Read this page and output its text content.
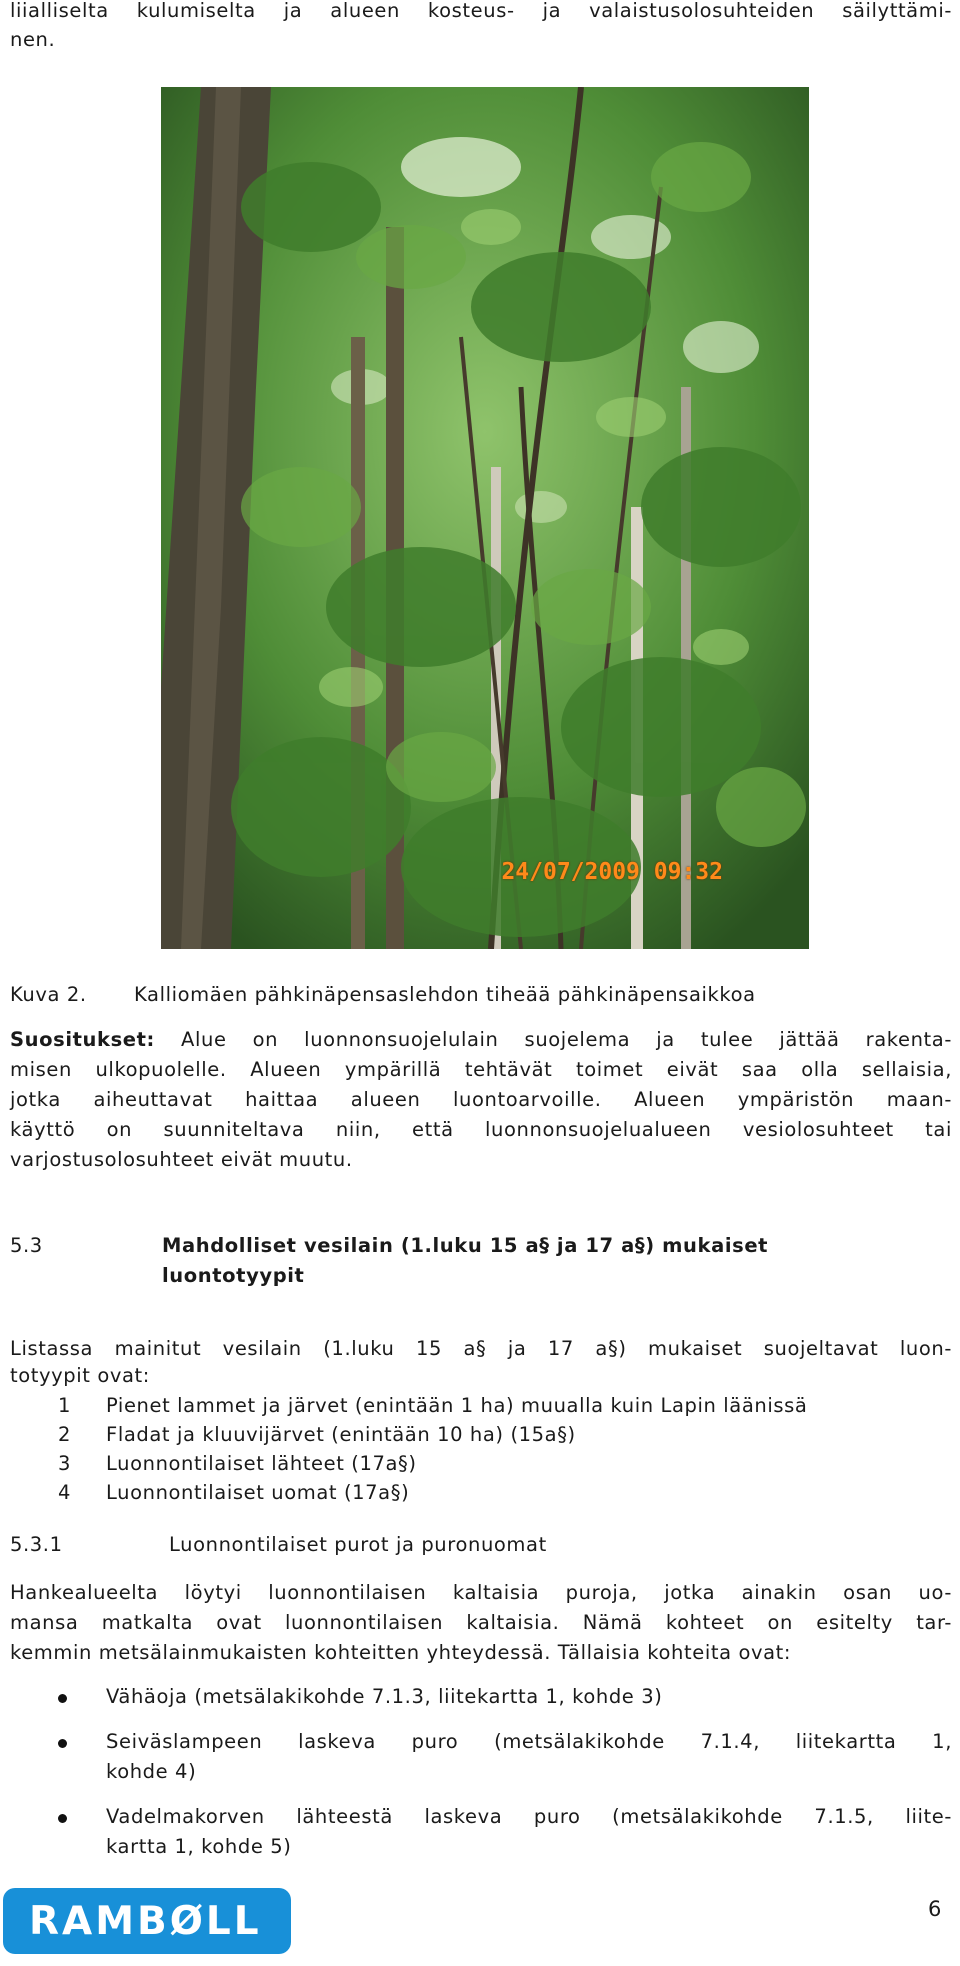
liialliselta kulumiselta ja alueen kosteus- ja valaistusolosuhteiden säilyttämi-
nen.
24/07/2009 09:32
Kuva 2. Kalliomäen pähkinäpensaslehdon tiheää pähkinäpensaikkoa
Suositukset: Alue on luonnonsuojelulain suojelema ja tulee jättää rakenta-
misen ulkopuolelle. Alueen ympärillä tehtävät toimet eivät saa olla sellaisia,
jotka aiheuttavat haittaa alueen luontoarvoille. Alueen ympäristön maan-
käyttö on suunniteltava niin, että luonnonsuojelualueen vesiolosuhteet tai
varjostusolosuhteet eivät muutu.
5.3	Mahdolliset vesilain (1.luku 15 a§ ja 17 a§) mukaiset
luontotyypit
Listassa mainitut vesilain (1.luku 15 a§ ja 17 a§) mukaiset suojeltavat luon-
totyypit ovat:
1 Pienet lammet ja järvet (enintään 1 ha) muualla kuin Lapin läänissä
2 Fladat ja kluuvijärvet (enintään 10 ha) (15a§)
3 Luonnontilaiset lähteet (17a§)
4 Luonnontilaiset uomat (17a§)
5.3.1	Luonnontilaiset purot ja puronuomat
Hankealueelta löytyi luonnontilaisen kaltaisia puroja, jotka ainakin osan uo-
mansa matkalta ovat luonnontilaisen kaltaisia. Nämä kohteet on esitelty tar-
kemmin metsälainmukaisten kohteitten yhteydessä. Tällaisia kohteita ovat:
Vähäoja (metsälakikohde 7.1.3, liitekartta 1, kohde 3)
Seiväslampeen laskeva puro (metsälakikohde 7.1.4, liitekartta 1,
kohde 4)
Vadelmakorven lähteestä laskeva puro (metsälakikohde 7.1.5, liite-
kartta 1, kohde 5)
RAMBØLL	6
